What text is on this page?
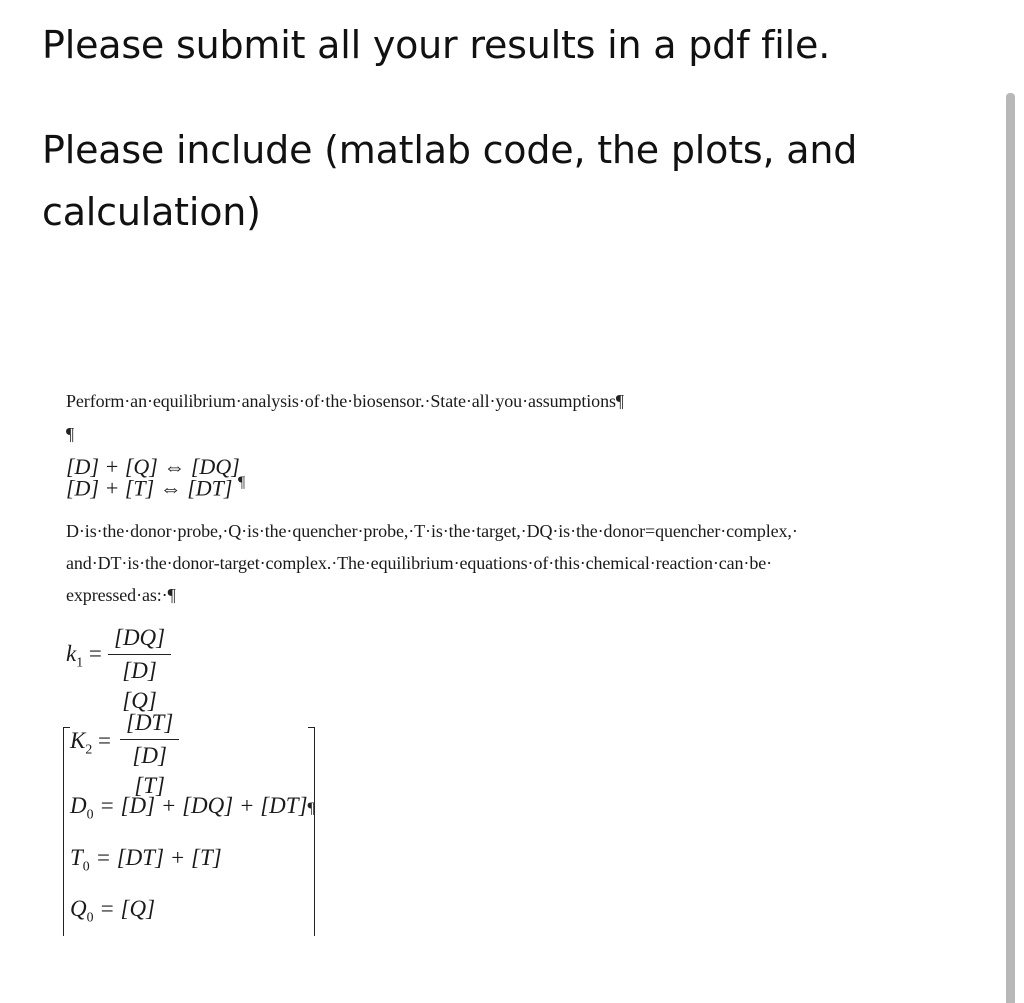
Please submit all your results in a pdf file.
Please include (matlab code, the plots, and calculation)
Perform·an·equilibrium·analysis·of·the·biosensor.·State·all·you·assumptions¶
¶
[D] + [Q] ⇔ [DQ]
[D] + [T] ⇔ [DT] ¶
D·is·the·donor·probe,·Q·is·the·quencher·probe,·T·is·the·target,·DQ·is·the·donor=quencher·complex,·
and·DT·is·the·donor-target·complex.·The·equilibrium·equations·of·this·chemical·reaction·can·be·
expressed·as:·¶
$k_1$ =
[DQ]
[D][Q]
$K_2$ =
[DT]
[D][T]
$D_0 = [D] + [DQ]$ + [DT]¶
$T_0 = [DT] + [T]$
$Q_0 = [Q]$
